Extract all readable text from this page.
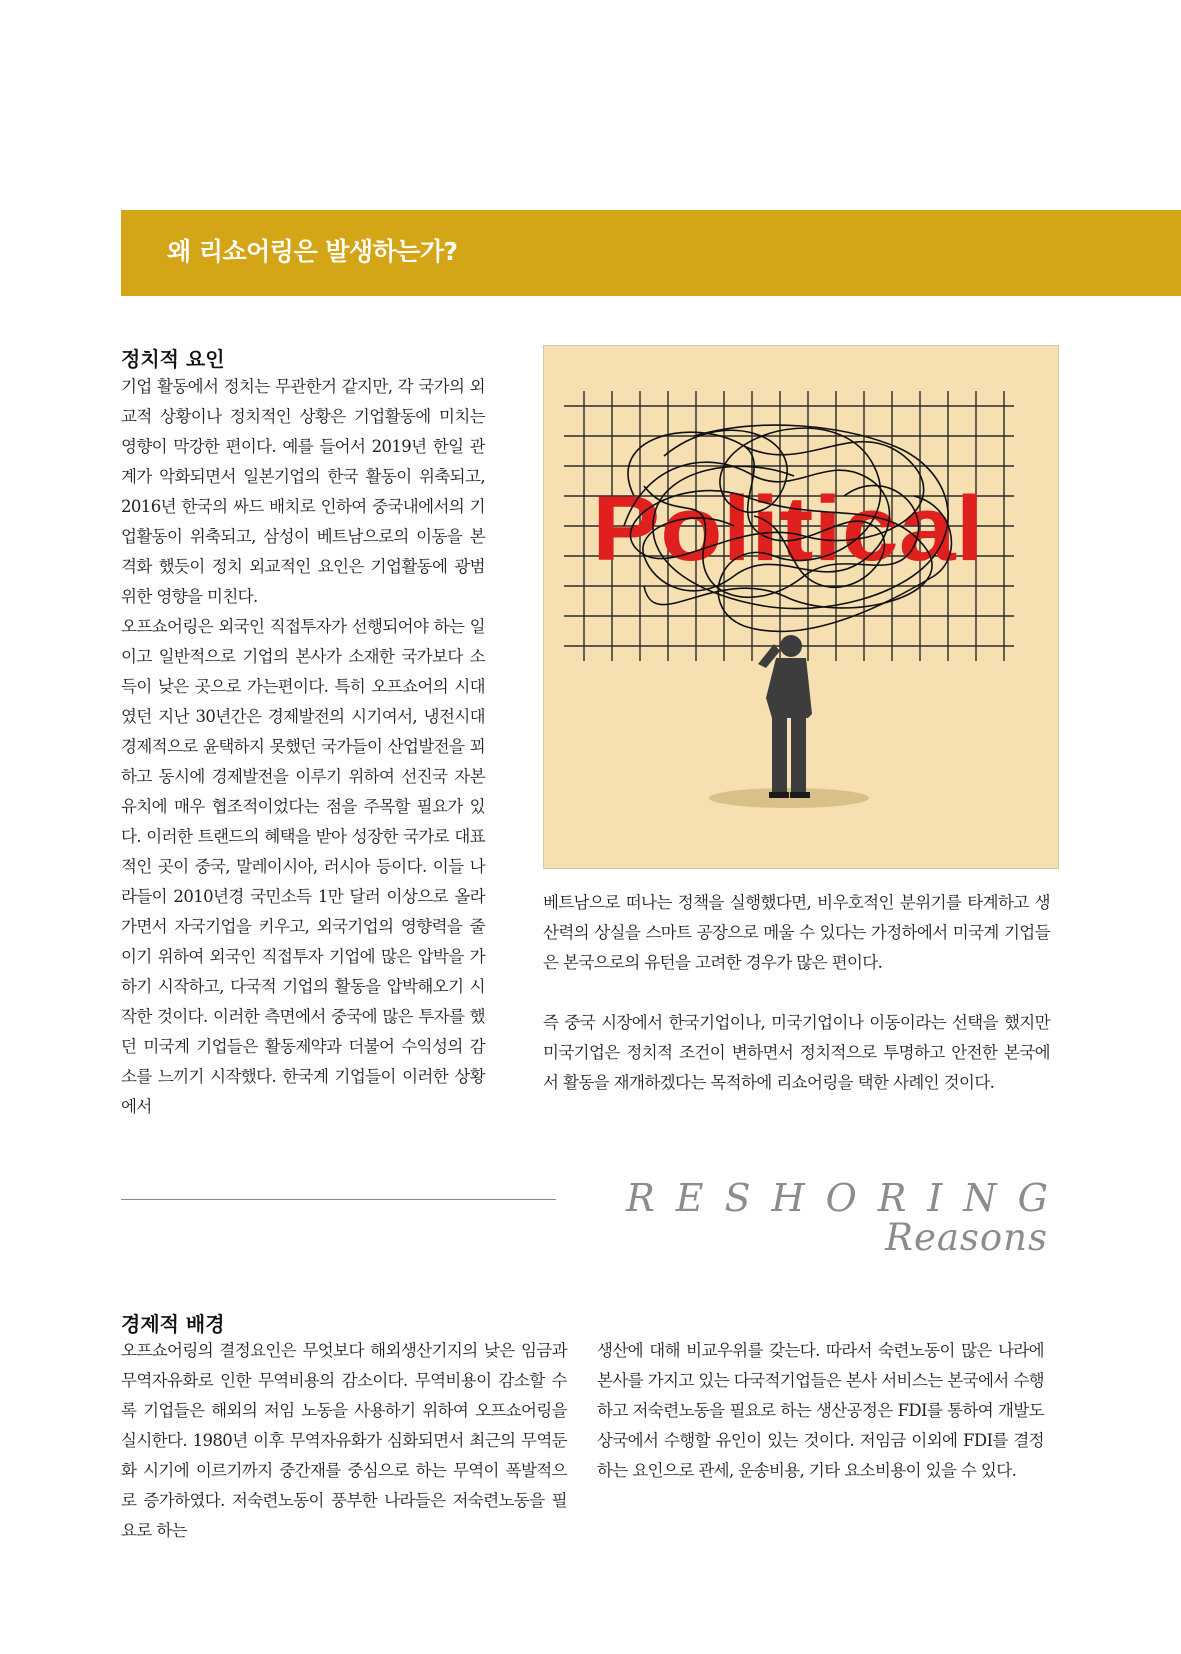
왜 리쇼어링은 발생하는가?
정치적 요인

기업 활동에서 정치는 무관한거 같지만, 각 국가의 외교적 상황이나 정치적인 상황은 기업활동에 미치는 영향이 막강한 편이다. 예를 들어서 2019년 한일 관계가 악화되면서 일본기업의 한국 활동이 위축되고, 2016년 한국의 싸드 배치로 인하여 중국내에서의 기업활동이 위축되고, 삼성이 베트남으로의 이동을 본격화 했듯이 정치 외교적인 요인은 기업활동에 광범위한 영향을 미친다.

오프쇼어링은 외국인 직접투자가 선행되어야 하는 일이고 일반적으로 기업의 본사가 소재한 국가보다 소득이 낮은 곳으로 가는편이다. 특히 오프쇼어의 시대였던 지난 30년간은 경제발전의 시기여서, 냉전시대 경제적으로 윤택하지 못했던 국가들이 산업발전을 꾀하고 동시에 경제발전을 이루기 위하여 선진국 자본 유치에 매우 협조적이었다는 점을 주목할 필요가 있다. 이러한 트랜드의 혜택을 받아 성장한 국가로 대표적인 곳이 중국, 말레이시아, 러시아 등이다. 이들 나라들이 2010년경 국민소득 1만 달러 이상으로 올라가면서 자국기업을 키우고, 외국기업의 영향력을 줄이기 위하여 외국인 직접투자 기업에 많은 압박을 가하기 시작하고, 다국적 기업의 활동을 압박해오기 시작한 것이다. 이러한 측면에서 중국에 많은 투자를 했던 미국계 기업들은 활동제약과 더불어 수익성의 감소를 느끼기 시작했다. 한국계 기업들이 이러한 상황에서

Political

베트남으로 떠나는 정책을 실행했다면, 비우호적인 분위기를 타계하고 생산력의 상실을 스마트 공장으로 메울 수 있다는 가정하에서 미국계 기업들은 본국으로의 유턴을 고려한 경우가 많은 편이다.

즉 중국 시장에서 한국기업이나, 미국기업이나 이동이라는 선택을 했지만 미국기업은 정치적 조건이 변하면서 정치적으로 투명하고 안전한 본국에서 활동을 재개하겠다는 목적하에 리쇼어링을 택한 사례인 것이다.

RESHORING

Reasons

경제적 배경

오프쇼어링의 결정요인은 무엇보다 해외생산기지의 낮은 임금과 무역자유화로 인한 무역비용의 감소이다. 무역비용이 감소할 수록 기업들은 해외의 저임 노동을 사용하기 위하여 오프쇼어링을 실시한다. 1980년 이후 무역자유화가 심화되면서 최근의 무역둔화 시기에 이르기까지 중간재를 중심으로 하는 무역이 폭발적으로 증가하였다. 저숙련노동이 풍부한 나라들은 저숙련노동을 필요로 하는

생산에 대해 비교우위를 갖는다. 따라서 숙련노동이 많은 나라에 본사를 가지고 있는 다국적기업들은 본사 서비스는 본국에서 수행하고 저숙련노동을 필요로 하는 생산공정은 FDI를 통하여 개발도상국에서 수행할 유인이 있는 것이다. 저임금 이외에 FDI를 결정하는 요인으로 관세, 운송비용, 기타 요소비용이 있을 수 있다.
